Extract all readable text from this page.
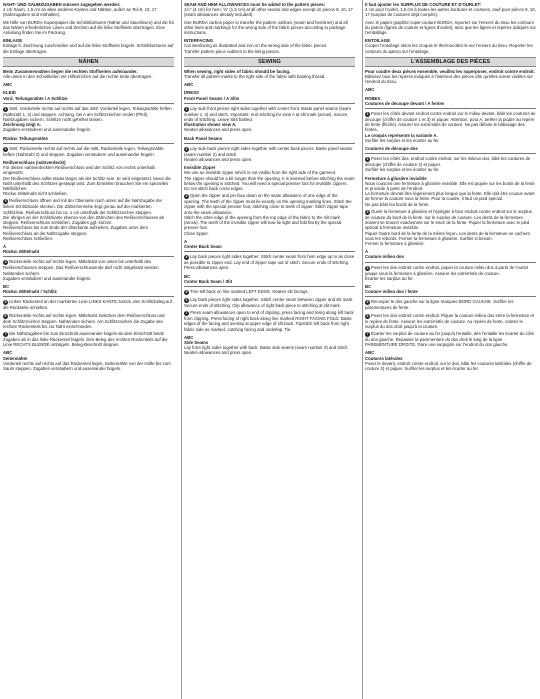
NAHT- UND SAUMZUGABEN müssen zugegeben werden:
4 cm Saum, 1,5 cm an allen anderen Kanten und Nähten, außer an Teil 9, 10, 17 (Nahtzugaben sind enthalten).
Mit Hilfe von BURDA Kopierpapier die Schnittkonturen (Nähte und Saumlinien) und die für das Nähen erforderlichen Linien und Zeichen auf die linke Stoffseite übertragen. Eine Anleitung finden Sie im Packung.
EINLAGE
Einlage lt. Zeichnung zuschneiden und auf die linke Stoffseite bügeln. Schnittkonturen auf die Einlage übertragen.
NÄHEN
Beim Zusammennähen liegen die rechten Stoffseiten aufeinander.
Alle unten in den Schnittteilen mit Hilfsstrichen auf die rechte Seite übertragen.
ABC
KLEID
Vord. Teilungsnähte / A Schlitze
1 Seitl. Vorderteile rechts auf rechts auf das mittl. Vorderteil legen, Teilungsnähte heften (Nahtzahl 1, 3) und steppen. Achtung, bei A am Schlitzzeichen enden (Pfeil). Nahtzugaben sichern. Schlitze nicht geheftet lassen.
Zeichnung zeigt A.
Zugaben versäubern und auseinander bügeln.
Rückw. Teilungsnähte
2 Seitl. Rückenteile rechts auf rechts auf die mittl. Rückenteile legen, Teilungsnähte heften (Nahtzahl 2) und steppen. Zugaben versäubern und auseinander bügeln.
Reißverschluss (nahtverdeckt)
Für diesen nahtverdeckten Reißverschluss wird der Schlitz von rechts unterhalb eingesetzt.
Der Reißverschluss sollte etwas länger als der Schlitz sein. Er wird eingesetzt, bevor die Naht unterhalb des Schlitzes gesteppt wird. Zum Einnähen brauchen Sie ein spezielles Nähfüßchen.
Rückw. Mittelnaht nicht schließen.
3 Reißverschluss öffnen und mit der Oberseite nach unten auf die Nahtzugabe der linken Schlitzkante stecken. Die Zähnchenreihe liegt genau auf der markierten Schlitzlinie. Reißverschluss bis ca. 1 cm unterhalb der Schlitzzeichen steppen.
Die übrigen an der Schlitzkante ebenso von den Zähnchen des Reißverschlusses ab steppen. Reißverschluss schließen, Zugaben ggf. kürzen.
Reißverschluss bis zum Ende der Oberkante aufziehen, Zugaben unter dem Reißverschluss an die Nahtzugabe steppen.
Reißverschluss schließen.
A
Rückw. Mittelnaht
4 Rückenteile rechts auf rechts legen. Mittelnaht von unten bis unterhalb des Reißverschlusses steppen. Das Reißverschlussende darf nicht mitgefasst werden. Nahtenden sichern.
Zugaben versäubern und auseinander bügeln.
BC
Rückw. Mittelnaht / Schlitz
5 Linkes Rückenteil an der markierten Linie LINKS KANTE zurück, den Schlitzbeleg auf die Rückseite schieben.
6 Rückenteile rechts auf rechts legen. Mittelnaht zwischen dem Reißverschluss und dem Schlitzzeichen steppen. Nahtenden sichern. Am Schlitzzeichen die Zugabe des rechten Rückenteils bis zur Naht einschneiden.
7 Die Nahtzugaben bis zum Einschnitt auseinander bügeln ab dem Einschnitt beide Zugaben ab in das linke Rückenteil bügeln. Den Beleg des rechten Rückenteils auf die Linie RECHTS BLENDE umbügeln. Beleg-Beschnitt steppen.
ABC
Seitennähte
Vorderteil rechts auf rechts auf das Rückenteil legen, Seitennähte von der Hüfte bis zum Saum steppen. Zugaben versäubern und auseinander bügeln.
SEAM AND HEM ALLOWANCES must be added to the pattern pieces:
1½" (4 cm) for hem, ⅝" (1.5 cm) at all other seams and edges except on pieces 9, 10, 17 (seam allowances already included).
Use BURDA carbon paper to transfer the pattern outlines (seam and hemlines) and all other lines and markings for the wrong side of the fabric pieces according to package instructions.
INTERFACING
Cut interfacing as illustrated and iron on the wrong side of the fabric pieces.
Transfer pattern piece outlines to the lining pieces.
SEWING
When sewing, right sides of fabric should be facing.
Transfer all pattern marks to the right side of the fabric with basting thread.
ABC
DRESS
Front Panel Seams / A Slits
1 Lay side front pieces right sides together with center front. Baste panel seams (seam number 1, 3) and stitch. Important: end stitching for view A at slit mark (arrow). Secure ends of stitching. Leave slits basted.
Illustration shows view A.
Neaten allowances and press open.
Back Panel Seams
2 Lay side back pieces right sides together with center back pieces. Baste panel seams (seam number 2) and stitch.
Neaten allowances and press open.
Invisible Zipper
We use an invisible zipper which is not visible from the right side of the garment.
The zipper should be a bit longer than the opening. It is inserted before stitching the seam below the opening is stitched. You will need a special presser foot for invisible zippers.
Do not stitch back cross edges.
3 Open the zipper and pin face down on the seam allowance of one edge of the opening. The teeth of the zipper must lie exactly on the opening marking lines. Stitch the zipper with the special presser foot, stitching close to teeth of zipper. Stitch zipper tape onto the seam allowance.
Stitch the other edge of the opening from the top edge of the fabric to the slit mark (arrow). The teeth of the invisible zipper will now lie tight and fold flat by the special presser foot.
Close zipper.
A
Center Back Seam
4 Lay back pieces right sides together. Stitch center seam from hem edge up to as close as possible to zipper end. Lay end of zipper tape out of stitch. Secure ends of stitching.
Press allowances open.
BC
Center Back Seam / Slit
5 Trim left back on line marked LEFT EDGE. Neaten slit facings.
6 Lay back pieces right sides together. Stitch center seam between zipper and slit mark. Secure ends of stitching. Clip allowance of right back piece to stitching at slit mark.
7 Press seam allowances open to end of clipping, press facing and lining along left back from clipping. Press facing of right back along line marked RIGHT FACING FOLD. Baste edges of the facing and overlap at upper edge of slit back. Topstitch left back from right fabric side as marked, catching facing and underlap. Tie.
ABC
Side Seams
Lay front right sides together with back. Baste side seams (seam number 2) and stitch. Neaten allowances and press open.
Il faut ajouter les SURPLUS DE COUTURE ET D'OURLET:
4 cm pour l'ourlet, 1,5 cm à toutes les autres bordures et coutures, sauf pour pièces 9, 10, 17 (surplus de coutures déjà compris).
Avec le papier graphite copie-couture BURDA, reportez sur l'envers du tissu les contours du patron (lignes de couture et lignes d'ourlet), ainsi que les lignes et repères indiqués sur l'emballage.
ENTOILAGE
Couper l'entoilage selon les croquis et thermocollez-le sur l'envers du tissu. Reporter les contours du patron sur l'entoilage.
L'ASSEMBLAGE DES PIÈCES
Pour coudre deux pièces ensemble, veuillez les superposer, endroit contre endroit.
Bâtissez tous les repères indiqués à l'intérieur des pièces afin qu'elles soient visibles sur l'endroit du tissu.
ABC
ROBES
Coutures de découpe devant / A fentes
1 Poser les côtés devant endroit contre endroit sur le milieu devant, bâtir les coutures de découpe (chiffre de couture 1 et 3) et piquer. Attention: pour A, arrêter la piqûre au repère de fente (flèche). Assurer les extrémités de couture. Ne pas défaire le bâtissage des fentes.
Le croquis représente la variante A.
Surfiler les surplus et les écarter au fer.
Coutures de découpe dos
2 Poser les côtés dos, endroit contre endroit, sur les milieux dos, bâtir les coutures de découpe (chiffre de couture 2) et piquer.
Surfiler les surplus et les écarter au fer.
Fermeture à glissière invisible
Nous cousons une fermeture à glissière invisible. Elle est piquée sur les bords de la fente et procède à partir de l'endroit.
La fermeture devrait être légèrement plus longue que la fente. Elle doit être cousue avant de fermer la couture sous la fente. Pour la coudre, il faut un pied spécial.
Ne pas bâtir les bords de la fente.
3 Ouvrir la fermeture à glissière et l'épingler à face endroit contre endroit sur le surplus de couture du bord de la fente, sur le surplus de couture. Les dents de la fermeture doivent se trouver exactement sur le tracé de la fente. Piquer la fermeture avec le pied spécial à fermeture invisible.
Piquer l'autre bord de la fente de la même façon. Les dents de la fermeture se cachent sous les rebords. Fermer la fermeture à glissière. Surfiler si besoin.
Fermer la fermeture à glissière.
A
Couture milieu dos
4 Poser les dos endroit contre endroit, piquer la couture milieu dos à partir de l'ourlet jusque sous la fermeture à glissière. Assurer les extrémités de couture.
Écarter les surplus au fer.
BC
Couture milieu dos / fente
5 Recouper le dos gauche sur la ligne marquée BORD GAUCHE. Surfiler les parementures de fente.
6 Poser les dos endroit contre endroit. Piquer la couture milieu dos entre la fermeture et le repère de fente. Assurer les extrémités de couture. Au repère de fente, cranter le surplus du dos droit jusqu'à la couture.
7 Écarter les surplus de couture au fer jusqu'à l'entaille, dès l'entaille les écarter du côté du dos gauche. Repasser la parementure du dos droit le long de la ligne PAREMENTURE DROITE. Faire une surpiqûre sur l'endroit du dos gauche.
ABC
Coutures latérales
Poser le devant, endroit contre endroit, sur le dos, bâtir les coutures latérales (chiffre de couture 2) et piquer. Surfiler les surplus et les écarter au fer.
